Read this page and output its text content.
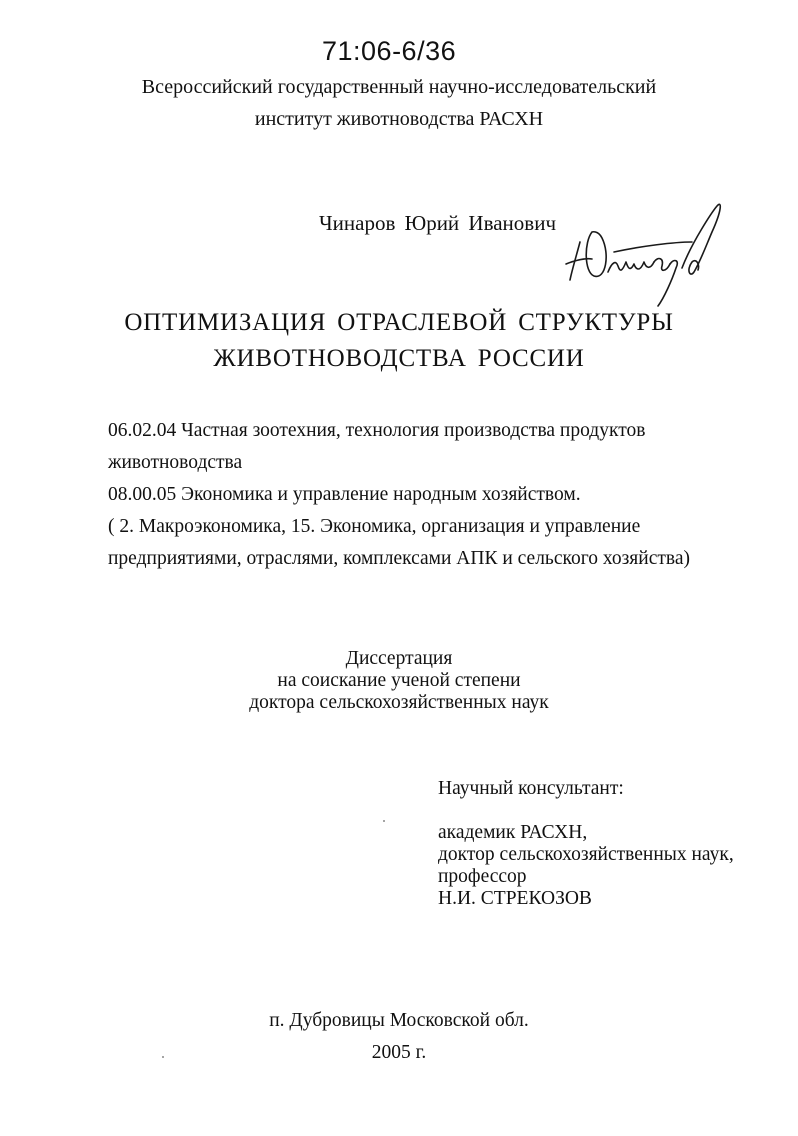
71:06-6/36
Всероссийский государственный научно-исследовательский
институт животноводства РАСХН
Чинаров Юрий Иванович
ОПТИМИЗАЦИЯ ОТРАСЛЕВОЙ СТРУКТУРЫ
ЖИВОТНОВОДСТВА РОССИИ
06.02.04 Частная зоотехния, технология производства продуктов
животноводства
08.00.05 Экономика и управление народным хозяйством.
( 2. Макроэкономика, 15. Экономика, организация и управление
предприятиями, отраслями, комплексами АПК и сельского хозяйства)
Диссертация
на соискание ученой степени
доктора сельскохозяйственных наук
Научный консультант:
академик РАСХН,
доктор сельскохозяйственных наук,
профессор
Н.И. СТРЕКОЗОВ
п. Дубровицы Московской обл.
2005 г.
